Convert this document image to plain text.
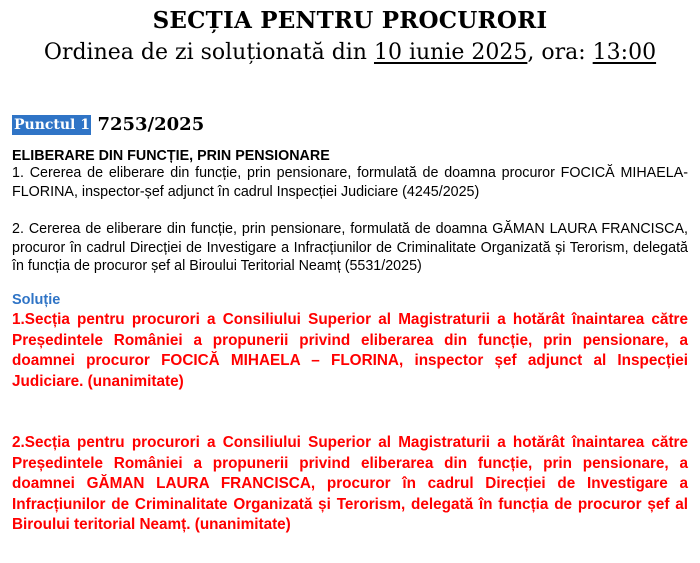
SECȚIA PENTRU PROCURORI
Ordinea de zi soluționată din 10 iunie 2025, ora: 13:00
Punctul 1 7253/2025
ELIBERARE DIN FUNCȚIE, PRIN PENSIONARE
1. Cererea de eliberare din funcție, prin pensionare, formulată de doamna procuror FOCICĂ MIHAELA-FLORINA, inspector-șef adjunct în cadrul Inspecției Judiciare (4245/2025)
2. Cererea de eliberare din funcție, prin pensionare, formulată de doamna GĂMAN LAURA FRANCISCA, procuror în cadrul Direcției de Investigare a Infracțiunilor de Criminalitate Organizată și Terorism, delegată în funcția de procuror șef al Biroului Teritorial Neamț (5531/2025)
Soluție
1.Secția pentru procurori a Consiliului Superior al Magistraturii a hotărât înaintarea către Președintele României a propunerii privind eliberarea din funcție, prin pensionare, a doamnei procuror FOCICĂ MIHAELA – FLORINA, inspector șef adjunct al Inspecției Judiciare. (unanimitate)
2.Secția pentru procurori a Consiliului Superior al Magistraturii a hotărât înaintarea către Președintele României a propunerii privind eliberarea din funcție, prin pensionare, a doamnei GĂMAN LAURA FRANCISCA, procuror în cadrul Direcției de Investigare a Infracțiunilor de Criminalitate Organizată și Terorism, delegată în funcția de procuror șef al Biroului teritorial Neamț. (unanimitate)
